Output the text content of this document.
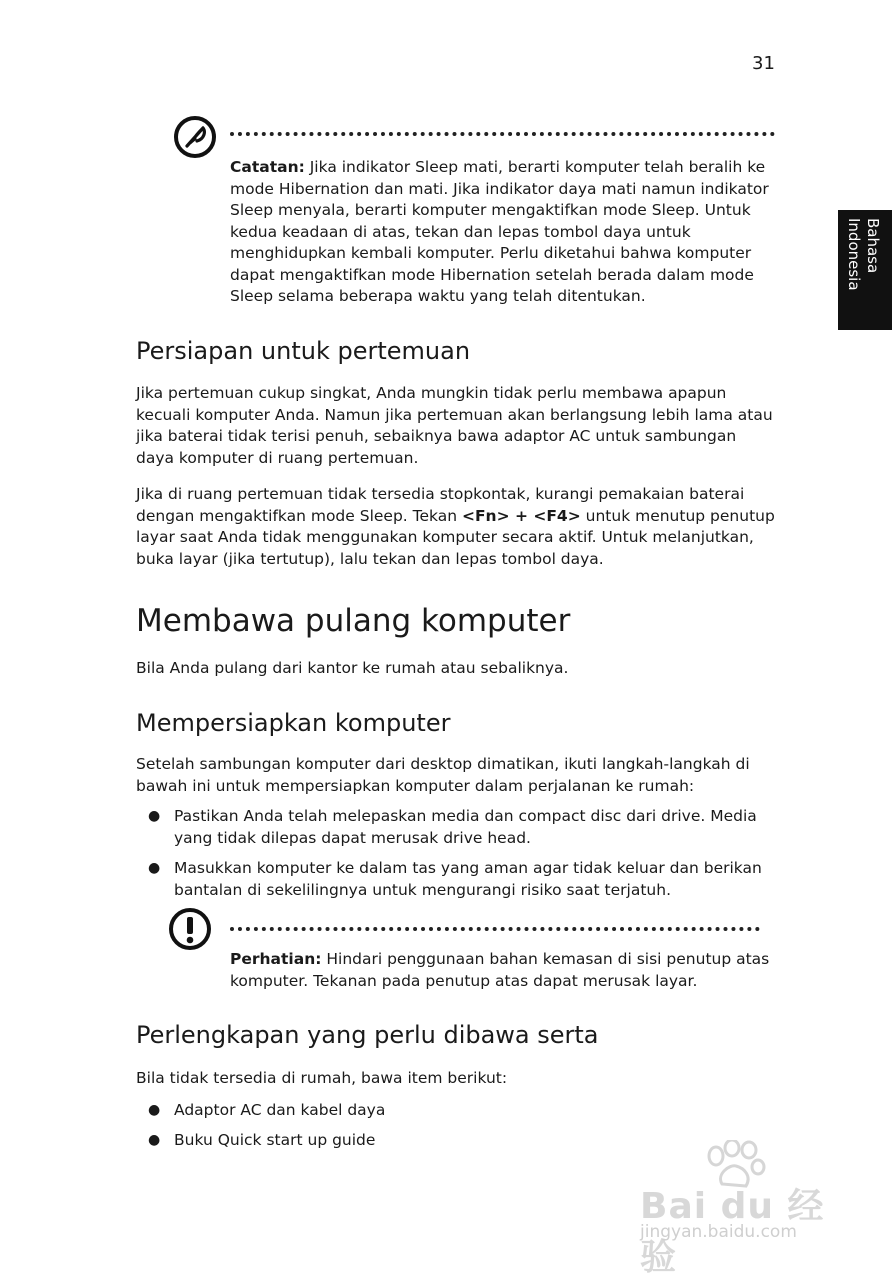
31
Bahasa Indonesia
Catatan: Jika indikator Sleep mati, berarti komputer telah beralih ke mode Hibernation dan mati. Jika indikator daya mati namun indikator Sleep menyala, berarti komputer mengaktifkan mode Sleep. Untuk kedua keadaan di atas, tekan dan lepas tombol daya untuk menghidupkan kembali komputer. Perlu diketahui bahwa komputer dapat mengaktifkan mode Hibernation setelah berada dalam mode Sleep selama beberapa waktu yang telah ditentukan.
Persiapan untuk pertemuan
Jika pertemuan cukup singkat, Anda mungkin tidak perlu membawa apapun kecuali komputer Anda. Namun jika pertemuan akan berlangsung lebih lama atau jika baterai tidak terisi penuh, sebaiknya bawa adaptor AC untuk sambungan daya komputer di ruang pertemuan.
Jika di ruang pertemuan tidak tersedia stopkontak, kurangi pemakaian baterai dengan mengaktifkan mode Sleep. Tekan <Fn> + <F4> untuk menutup penutup layar saat Anda tidak menggunakan komputer secara aktif. Untuk melanjutkan, buka layar (jika tertutup), lalu tekan dan lepas tombol daya.
Membawa pulang komputer
Bila Anda pulang dari kantor ke rumah atau sebaliknya.
Mempersiapkan komputer
Setelah sambungan komputer dari desktop dimatikan, ikuti langkah-langkah di bawah ini untuk mempersiapkan komputer dalam perjalanan ke rumah:
● Pastikan Anda telah melepaskan media dan compact disc dari drive. Media yang tidak dilepas dapat merusak drive head.
● Masukkan komputer ke dalam tas yang aman agar tidak keluar dan berikan bantalan di sekelilingnya untuk mengurangi risiko saat terjatuh.
Perhatian: Hindari penggunaan bahan kemasan di sisi penutup atas komputer. Tekanan pada penutup atas dapat merusak layar.
Perlengkapan yang perlu dibawa serta
Bila tidak tersedia di rumah, bawa item berikut:
● Adaptor AC dan kabel daya
● Buku Quick start up guide
Bai du 经验
jingyan.baidu.com
